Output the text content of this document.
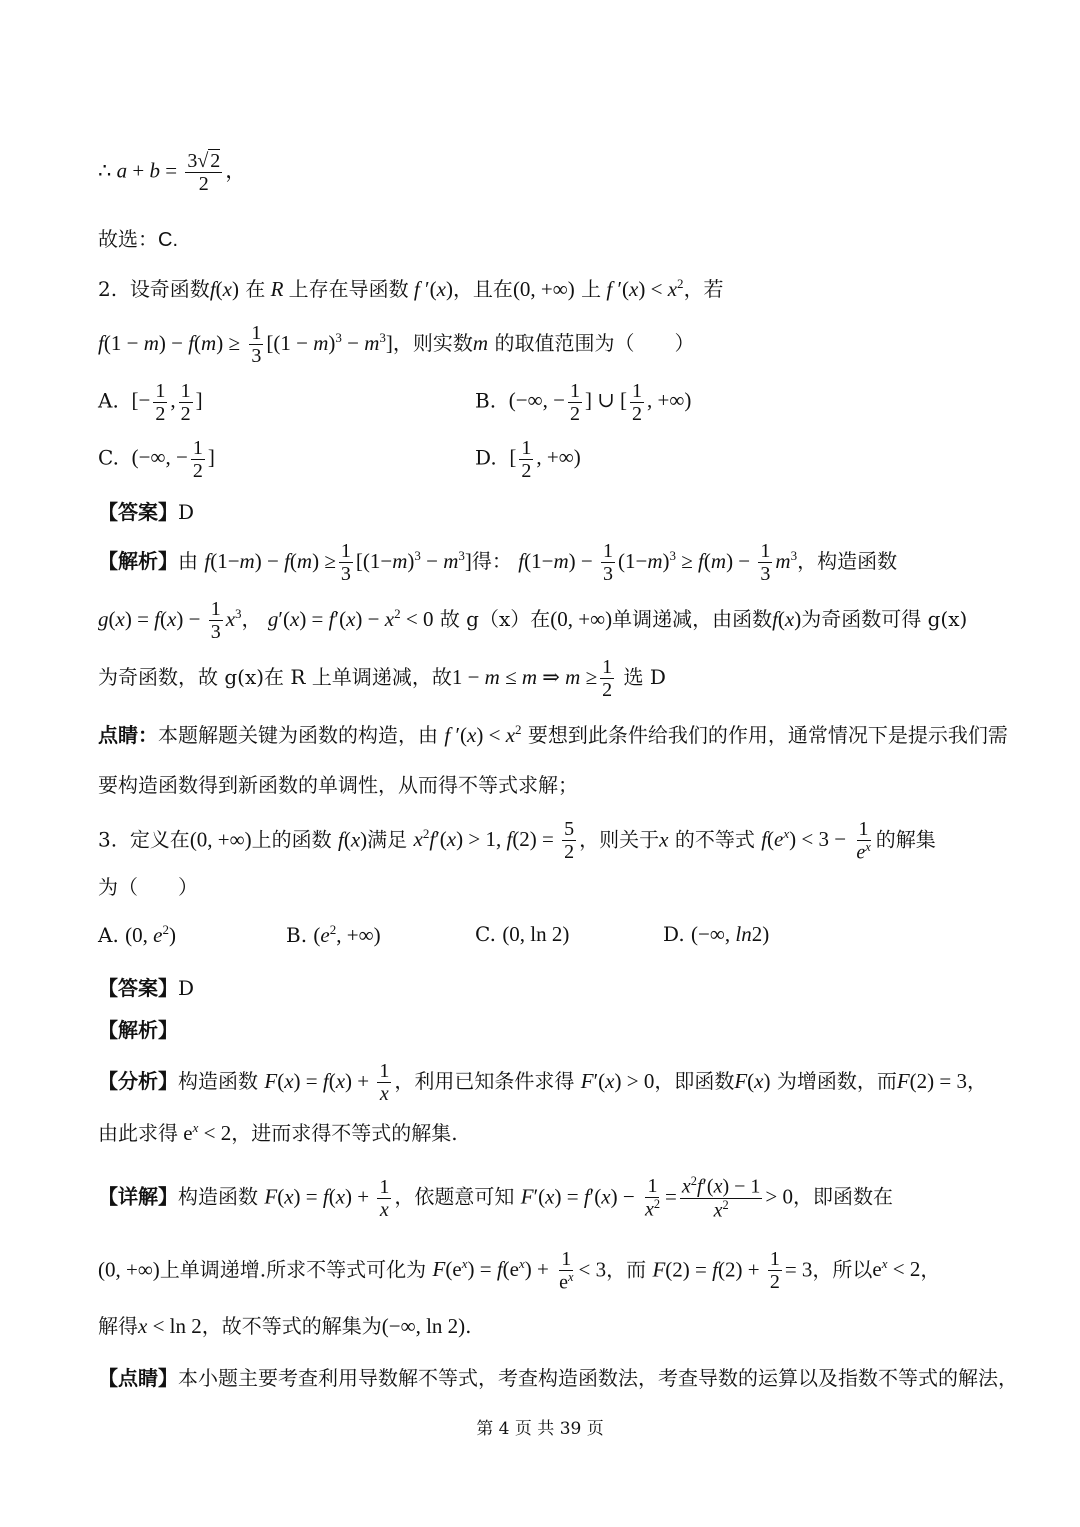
∴ $a + b = \frac{3√ 2}{2}$ ，
故选：C.
2. 设奇函数f(x) 在 R 上存在导函数 f ′(x)，且在(0, +∞) 上 f $'(x) < x^2$，若
$f(1 - m) - f(m) \ge \frac{1}{3} [(1 - m)^3 - m^3]$，则实数m 的取值范围为（　　）
A. [− $\frac{1}{2}$ , $\frac{1}{2}$ ]	B. (−∞, − $\frac{1}{2}$ ] ∪ [ $\frac{1}{2}$ , +∞)
C. (−∞, − $\frac{1}{2}$ ]	D. [ $\frac{1}{2}$ , +∞)
【答案】D
【解析】由 $f(1-m) - f(m) \ge \frac{1}{3} [(1-m)^3 - m^3]$得： $f(1-m) - \frac{1}{3} (1-m)^3 \ge f(m) - \frac{1}{3} m^3$，构造函数
$g(x) = f(x) - \frac{1}{3} x^3$， $g'(x) = f'(x) - x^2 < 0$ 故 g（x）在(0, +∞)单调递减，由函数f(x)为奇函数可得 g(x)
为奇函数，故 g(x)在 R 上单调递减，故1 − m ≤ m ⇒ $m \ge \frac{1}{2}$ 选 D
点睛：本题解题关键为函数的构造，由 f $'(x) < x^2$ 要想到此条件给我们的作用，通常情况下是提示我们需
要构造函数得到新函数的单调性，从而得不等式求解；
3. 定义在(0, +∞)上的函数 f(x)满足 $x^2f'(x) > 1$, $f(2) = \frac{5}{2}$ ，则关于x 的不等式 $f(e^x) < 3 - \frac{1}{e^x}$ 的解集
为（　　）
A. (0, $e^2$)	B. ($e^2$, +∞)	C. (0, ln 2)	D. (−∞, ln2)
【答案】D
【解析】
【分析】构造函数 $F(x) = f(x) + \frac{1}{x}$ ，利用已知条件求得 F′(x) > 0，即函数F(x) 为增函数，而F(2) = 3，
由此求得 $e^x < 2$，进而求得不等式的解集.
【详解】构造函数 $F(x) = f(x) + \frac{1}{x}$ ，依题意可知 $F'(x) = f'(x) - \frac{1}{x^2} = \frac{x^2f'(x) - 1}{x^2} > 0$，即函数在
(0, +∞)上单调递增.所求不等式可化为 $F(e^x) = f(e^x) + \frac{1}{e^x} < 3$，而 $F(2) = f(2) + \frac{1}{2} = 3$，所以$e^x < 2$，
解得x < ln 2，故不等式的解集为(−∞, ln 2).
【点睛】本小题主要考查利用导数解不等式，考查构造函数法，考查导数的运算以及指数不等式的解法，
第 4 页 共 39 页
